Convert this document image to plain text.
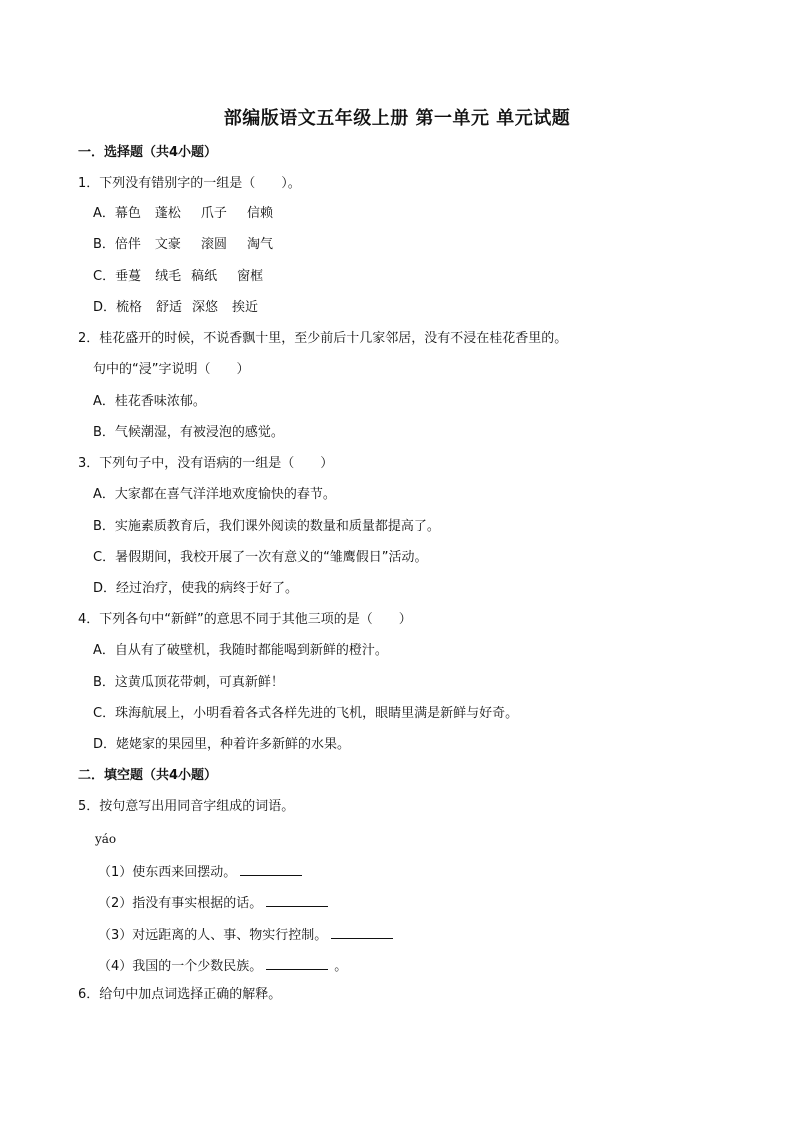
部编版语文五年级上册 第一单元 单元试题
一．选择题（共4小题）
1．下列没有错别字的一组是（　　）。
A．幕色 蓬松 爪子 信赖
B．倍伴 文豪 滚圆 淘气
C．垂蔓 绒毛 稿纸 窗框
D．梳格 舒适 深悠 挨近
2．桂花盛开的时候，不说香飘十里，至少前后十几家邻居，没有不浸在桂花香里的。
句中的“浸”字说明（　　）
A．桂花香味浓郁。
B．气候潮湿，有被浸泡的感觉。
3．下列句子中，没有语病的一组是（　　）
A．大家都在喜气洋洋地欢度愉快的春节。
B．实施素质教育后，我们课外阅读的数量和质量都提高了。
C．暑假期间，我校开展了一次有意义的“雏鹰假日”活动。
D．经过治疗，使我的病终于好了。
4．下列各句中“新鲜”的意思不同于其他三项的是（　　）
A．自从有了破壁机，我随时都能喝到新鲜的橙汁。
B．这黄瓜顶花带刺，可真新鲜！
C．珠海航展上，小明看着各式各样先进的飞机，眼睛里满是新鲜与好奇。
D．姥姥家的果园里，种着许多新鲜的水果。
二．填空题（共4小题）
5．按句意写出用同音字组成的词语。
yáo
（1）使东西来回摆动。
（2）指没有事实根据的话。
（3）对远距离的人、事、物实行控制。
（4）我国的一个少数民族。	。
6．给句中加点词选择正确的解释。
